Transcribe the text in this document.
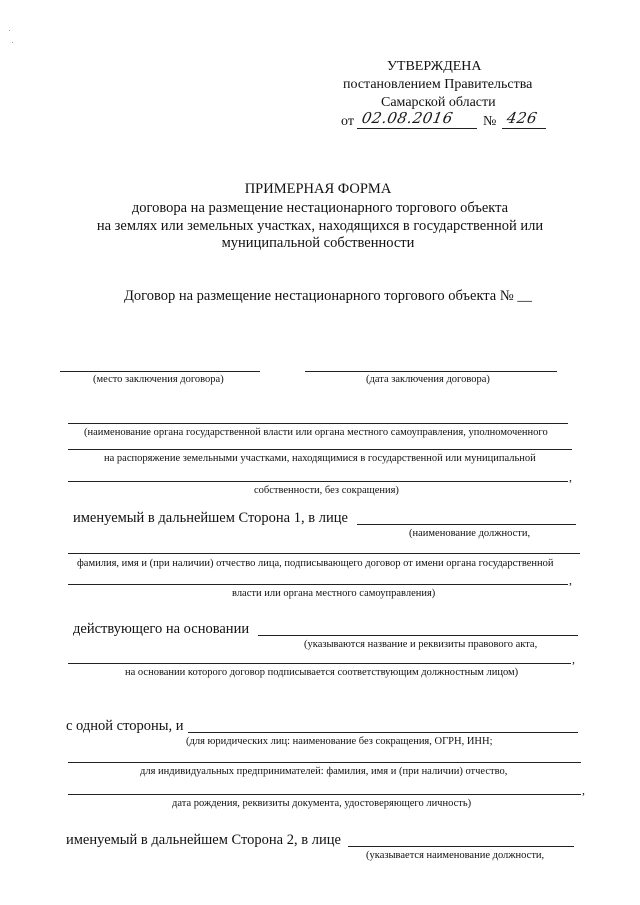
УТВЕРЖДЕНА
постановлением Правительства
Самарской области
от 02.08.2016 № 426
ПРИМЕРНАЯ ФОРМА
договора на размещение нестационарного торгового объекта
на землях или земельных участках, находящихся в государственной или
муниципальной собственности
Договор на размещение нестационарного торгового объекта № __
(место заключения договора)	(дата заключения договора)
(наименование органа государственной власти или органа местного самоуправления, уполномоченного
на распоряжение земельными участками, находящимися в государственной или муниципальной
,
собственности, без сокращения)
именуемый в дальнейшем Сторона 1, в лице
(наименование должности,
фамилия, имя и (при наличии) отчество лица, подписывающего договор от имени органа государственной
,
власти или органа местного самоуправления)
действующего на основании
(указываются название и реквизиты правового акта,
,
на основании которого договор подписывается соответствующим должностным лицом)
с одной стороны, и
(для юридических лиц: наименование без сокращения, ОГРН, ИНН;
для индивидуальных предпринимателей: фамилия, имя и (при наличии) отчество,
,
дата рождения, реквизиты документа, удостоверяющего личность)
именуемый в дальнейшем Сторона 2, в лице
(указывается наименование должности,
